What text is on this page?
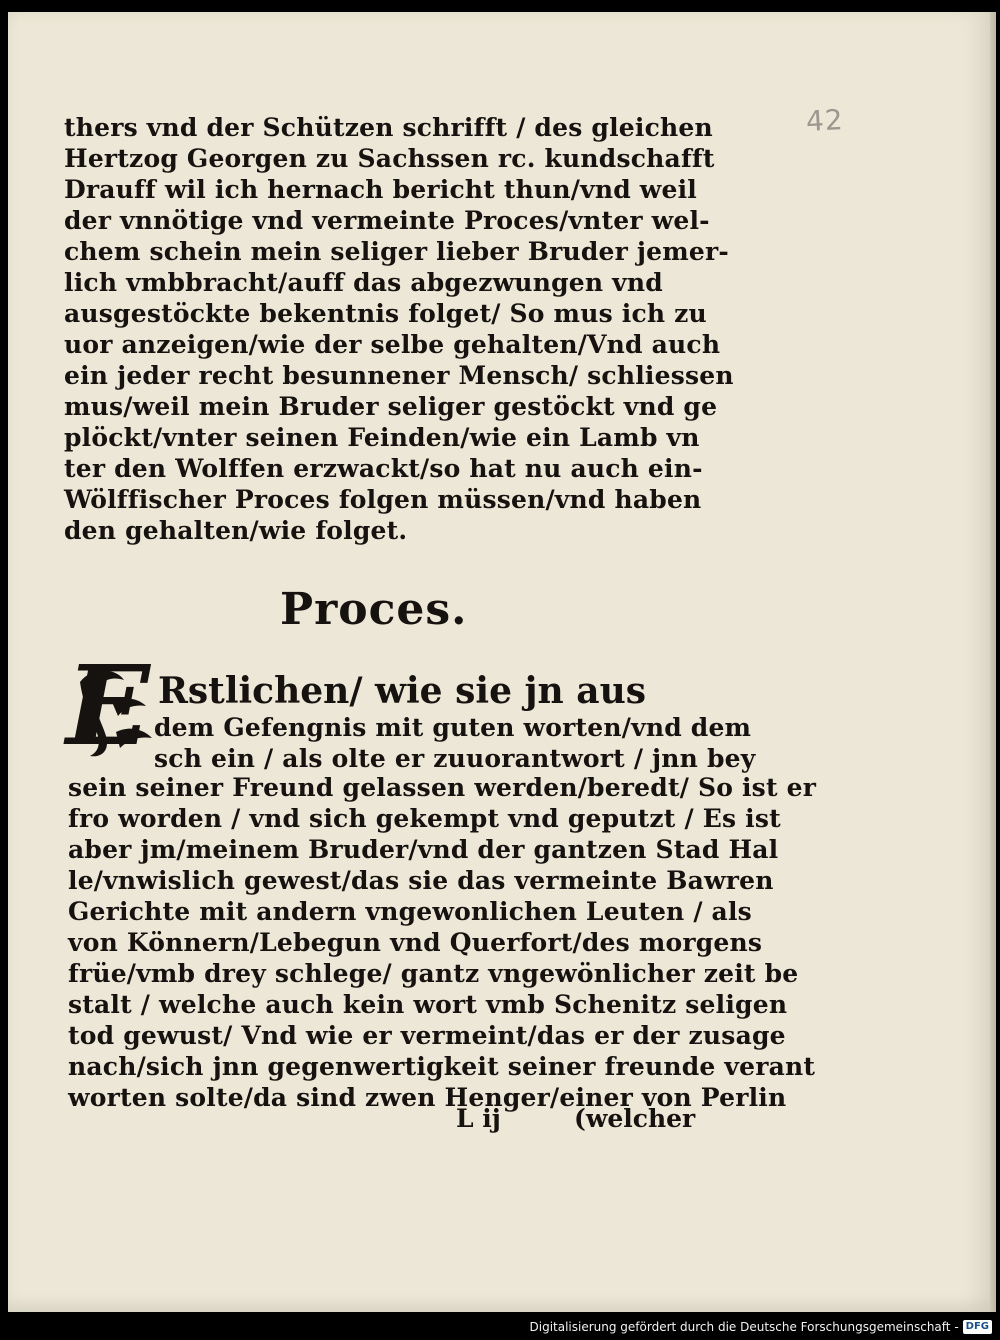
42
thers vnd der Schützen schrifft / des gleichen
Hertzog Georgen zu Sachssen rc. kundschafft
Drauff wil ich hernach bericht thun/vnd weil
der vnnötige vnd vermeinte Proces/vnter wel-
chem schein mein seliger lieber Bruder jemer-
lich vmbbracht/auff das abgezwungen vnd
ausgestöckte bekentnis folget/ So mus ich zu
uor anzeigen/wie der selbe gehalten/Vnd auch
ein jeder recht besunnener Mensch/ schliessen
mus/weil mein Bruder seliger gestöckt vnd ge
plöckt/vnter seinen Feinden/wie ein Lamb vn
ter den Wolffen erzwackt/so hat nu auch ein-
Wölffischer Proces folgen müssen/vnd haben
den gehalten/wie folget.
Proces.
E Rstlichen/ wie sie jn aus
dem Gefengnis mit guten worten/vnd dem
sch ein / als olte er zuuorantwort / jnn bey
sein seiner Freund gelassen werden/beredt/ So ist er
fro worden / vnd sich gekempt vnd geputzt / Es ist
aber jm/meinem Bruder/vnd der gantzen Stad Hal
le/vnwislich gewest/das sie das vermeinte Bawren
Gerichte mit andern vngewonlichen Leuten / als
von Könnern/Lebegun vnd Querfort/des morgens
früe/vmb drey schlege/ gantz vngewönlicher zeit be
stalt / welche auch kein wort vmb Schenitz seligen
tod gewust/ Vnd wie er vermeint/das er der zusage
nach/sich jnn gegenwertigkeit seiner freunde verant
worten solte/da sind zwen Henger/einer von Perlin
L ij	(welcher
Digitalisierung gefördert durch die Deutsche Forschungsgemeinschaft - DFG
